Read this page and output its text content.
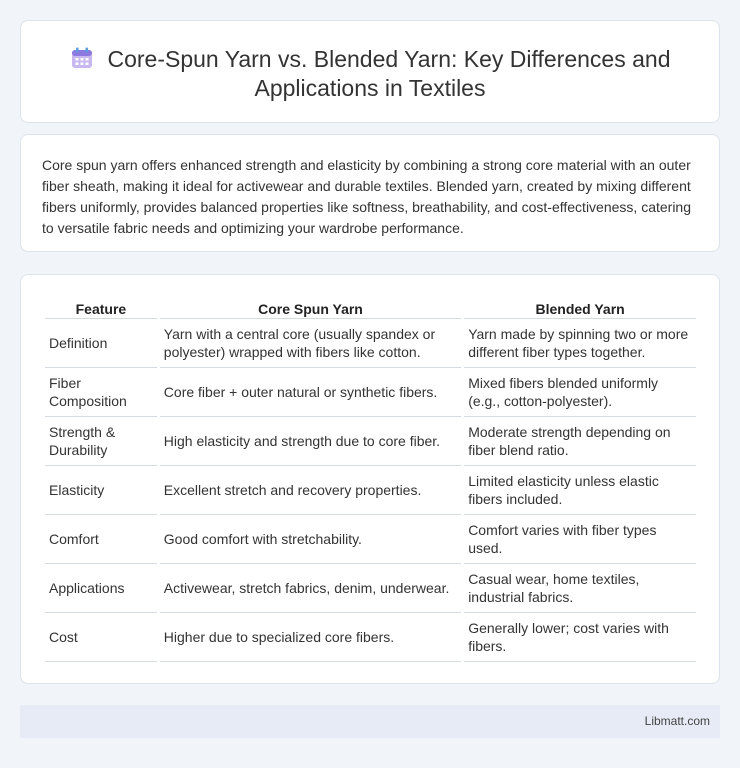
Core-Spun Yarn vs. Blended Yarn: Key Differences and Applications in Textiles

Core spun yarn offers enhanced strength and elasticity by combining a strong core material with an outer fiber sheath, making it ideal for activewear and durable textiles. Blended yarn, created by mixing different fibers uniformly, provides balanced properties like softness, breathability, and cost-effectiveness, catering to versatile fabric needs and optimizing your wardrobe performance.

Feature	Core Spun Yarn	Blended Yarn
Definition	Yarn with a central core (usually spandex or polyester) wrapped with fibers like cotton.	Yarn made by spinning two or more different fiber types together.
Fiber Composition	Core fiber + outer natural or synthetic fibers.	Mixed fibers blended uniformly (e.g., cotton-polyester).
Strength & Durability	High elasticity and strength due to core fiber.	Moderate strength depending on fiber blend ratio.
Elasticity	Excellent stretch and recovery properties.	Limited elasticity unless elastic fibers included.
Comfort	Good comfort with stretchability.	Comfort varies with fiber types used.
Applications	Activewear, stretch fabrics, denim, underwear.	Casual wear, home textiles, industrial fabrics.
Cost	Higher due to specialized core fibers.	Generally lower; cost varies with fibers.
Libmatt.com
